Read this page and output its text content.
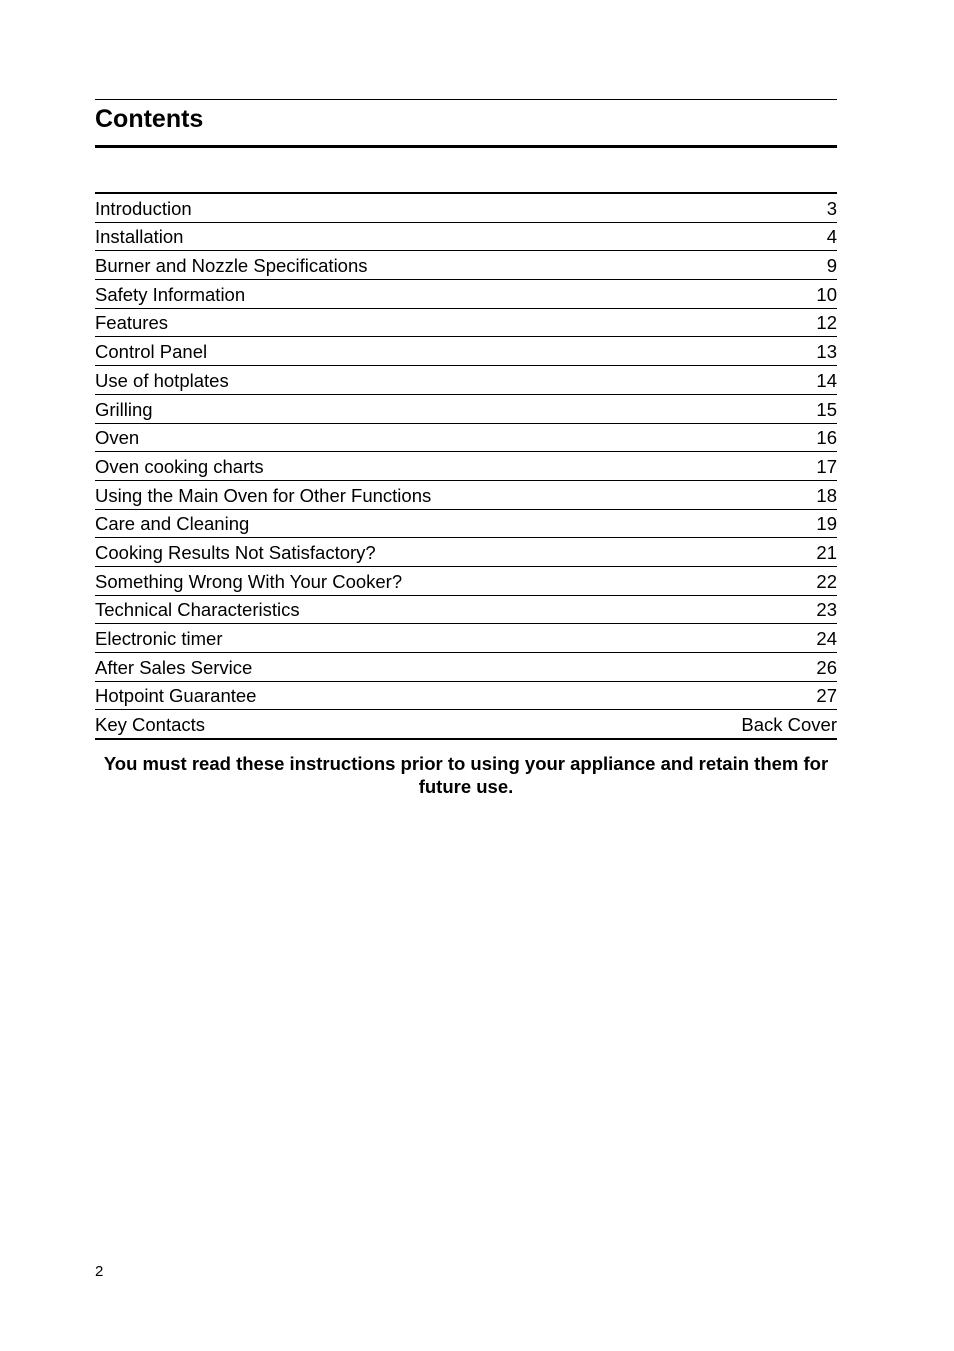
Contents
Introduction	3
Installation	4
Burner and Nozzle Specifications	9
Safety Information	10
Features	12
Control Panel	13
Use of hotplates	14
Grilling	15
Oven	16
Oven cooking charts	17
Using the Main Oven for Other Functions	18
Care and Cleaning	19
Cooking Results Not Satisfactory?	21
Something Wrong With Your Cooker?	22
Technical Characteristics	23
Electronic timer	24
After Sales Service	26
Hotpoint Guarantee	27
Key Contacts	Back Cover

You must read these instructions prior to using your appliance and retain them for future use.

2
